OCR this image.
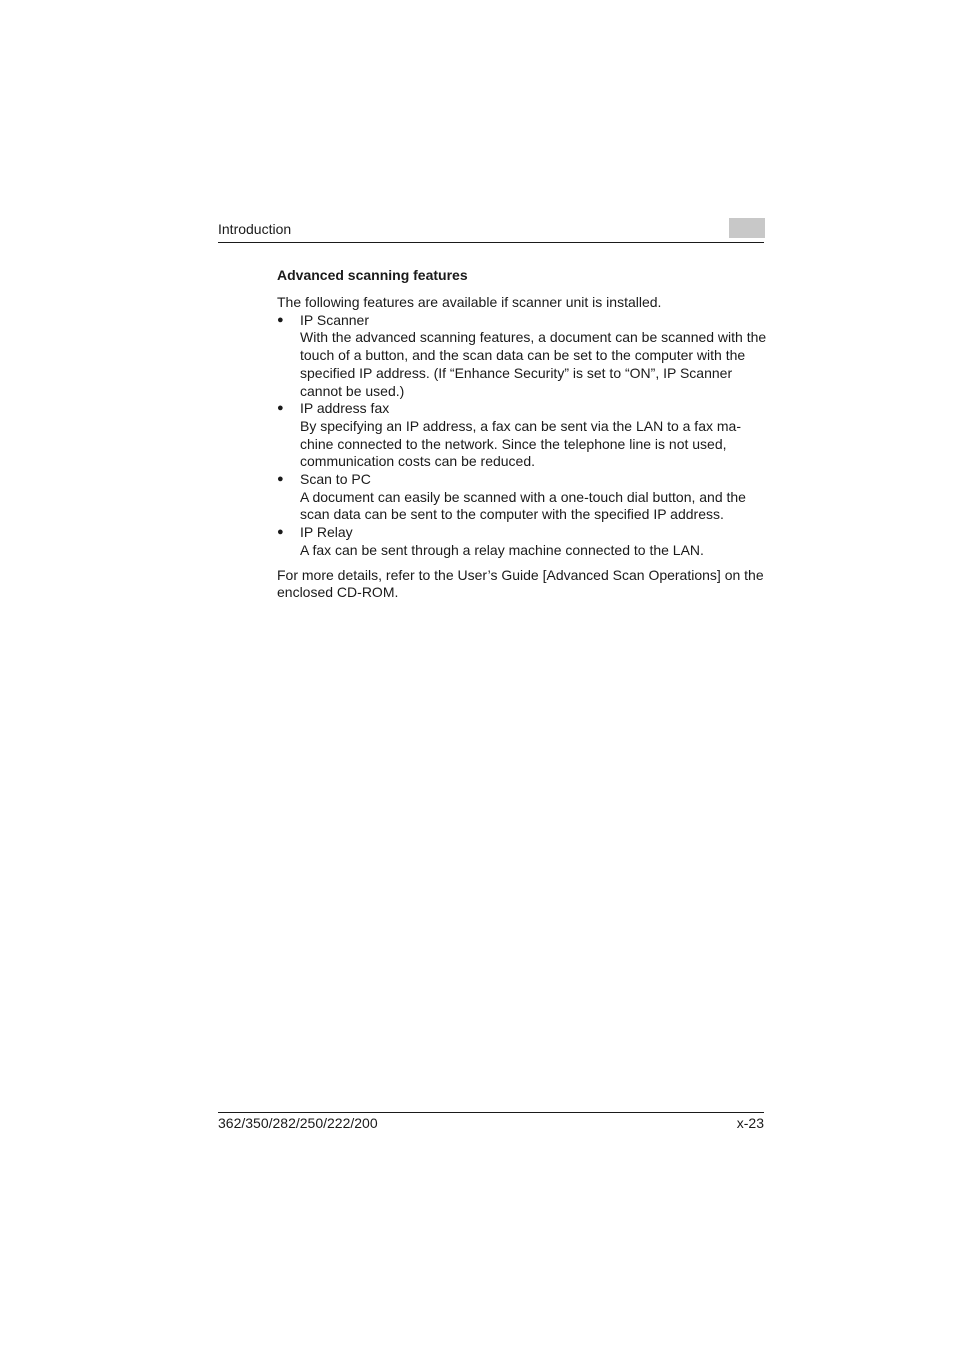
Introduction
Advanced scanning features

The following features are available if scanner unit is installed.

● IP Scanner
With the advanced scanning features, a document can be scanned with the touch of a button, and the scan data can be set to the computer with the specified IP address. (If “Enhance Security” is set to “ON”, IP Scanner cannot be used.)
● IP address fax
By specifying an IP address, a fax can be sent via the LAN to a fax ma-chine connected to the network. Since the telephone line is not used, communication costs can be reduced.
● Scan to PC
A document can easily be scanned with a one-touch dial button, and the scan data can be sent to the computer with the specified IP address.
● IP Relay
A fax can be sent through a relay machine connected to the LAN.

For more details, refer to the User’s Guide [Advanced Scan Operations] on the enclosed CD-ROM.

362/350/282/250/222/200	x-23
